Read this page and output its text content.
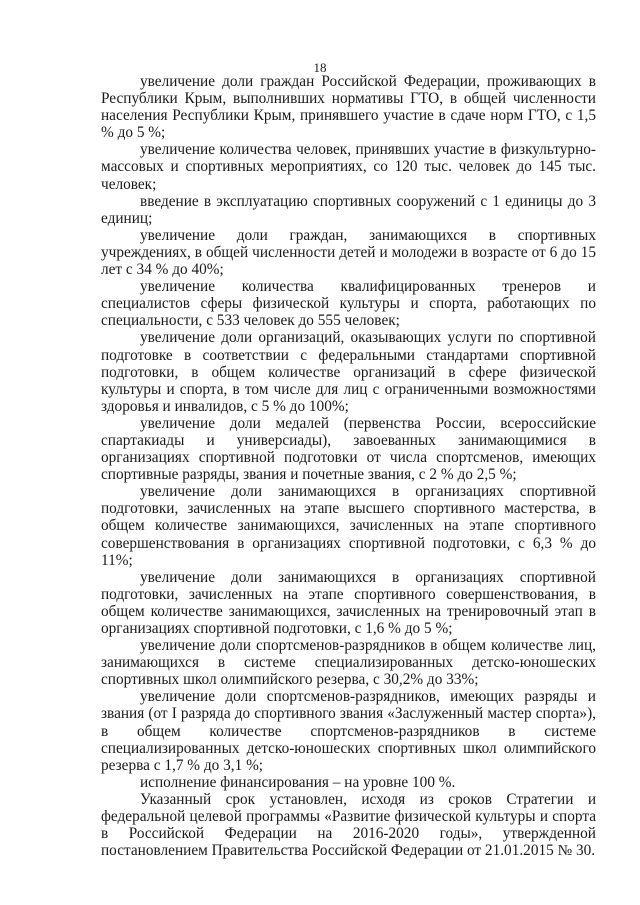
18

увеличение доли граждан Российской Федерации, проживающих в Республики Крым, выполнивших нормативы ГТО, в общей численности населения Республики Крым, принявшего участие в сдаче норм ГТО, с 1,5 % до 5 %;

увеличение количества человек, принявших участие в физкультурно-массовых и спортивных мероприятиях, со 120 тыс. человек до 145 тыс. человек;

введение в эксплуатацию спортивных сооружений с 1 единицы до 3 единиц;

увеличение доли граждан, занимающихся в спортивных учреждениях, в общей численности детей и молодежи в возрасте от 6 до 15 лет с 34 % до 40%;

увеличение количества квалифицированных тренеров и специалистов сферы физической культуры и спорта, работающих по специальности, с 533 человек до 555 человек;

увеличение доли организаций, оказывающих услуги по спортивной подготовке в соответствии с федеральными стандартами спортивной подготовки, в общем количестве организаций в сфере физической культуры и спорта, в том числе для лиц с ограниченными возможностями здоровья и инвалидов, с 5 % до 100%;

увеличение доли медалей (первенства России, всероссийские спартакиады и универсиады), завоеванных занимающимися в организациях спортивной подготовки от числа спортсменов, имеющих спортивные разряды, звания и почетные звания, с 2 % до 2,5 %;

увеличение доли занимающихся в организациях спортивной подготовки, зачисленных на этапе высшего спортивного мастерства, в общем количестве занимающихся, зачисленных на этапе спортивного совершенствования в организациях спортивной подготовки, с 6,3 % до 11%;

увеличение доли занимающихся в организациях спортивной подготовки, зачисленных на этапе спортивного совершенствования, в общем количестве занимающихся, зачисленных на тренировочный этап в организациях спортивной подготовки, с 1,6 % до 5 %;

увеличение доли спортсменов-разрядников в общем количестве лиц, занимающихся в системе специализированных детско-юношеских спортивных школ олимпийского резерва, с 30,2% до 33%;

увеличение доли спортсменов-разрядников, имеющих разряды и звания (от I разряда до спортивного звания «Заслуженный мастер спорта»), в общем количестве спортсменов-разрядников в системе специализированных детско-юношеских спортивных школ олимпийского резерва с 1,7 % до 3,1 %;

исполнение финансирования – на уровне 100 %.

Указанный срок установлен, исходя из сроков Стратегии и федеральной целевой программы «Развитие физической культуры и спорта в Российской Федерации на 2016-2020 годы», утвержденной постановлением Правительства Российской Федерации от 21.01.2015 № 30.
